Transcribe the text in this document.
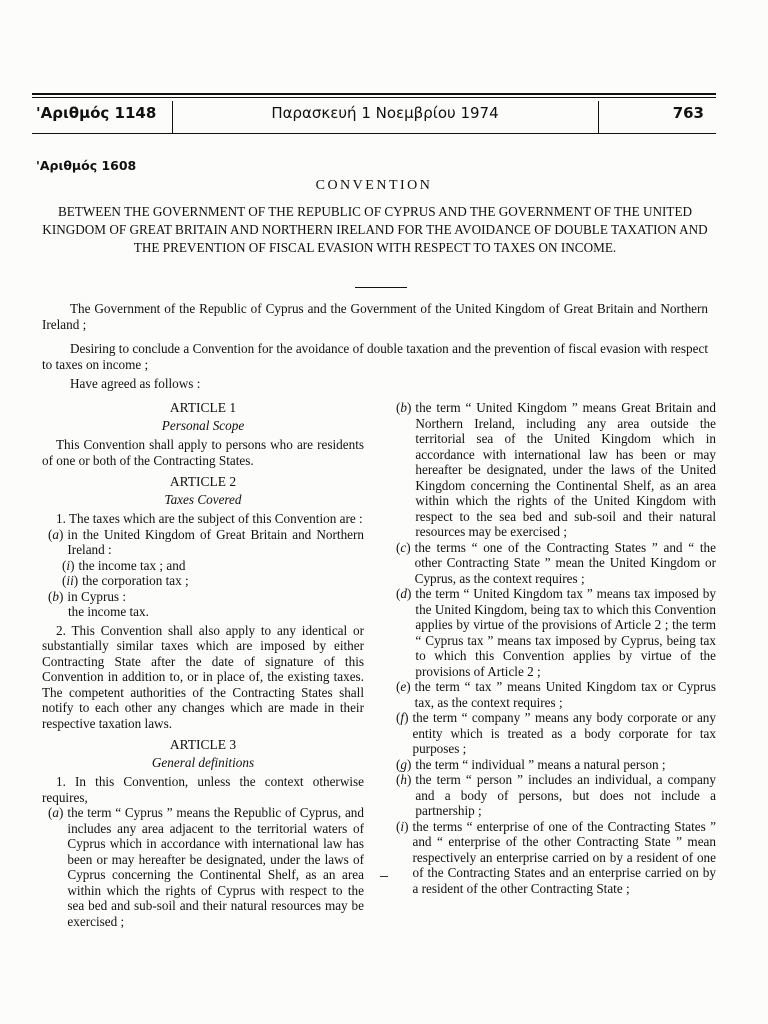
'Αριθμός 1148	Παρασκευή 1 Νοεμβρίου 1974	763
'Αριθμός 1608
CONVENTION
BETWEEN THE GOVERNMENT OF THE REPUBLIC OF CYPRUS AND THE GOVERNMENT OF THE UNITED KINGDOM OF GREAT BRITAIN AND NORTHERN IRELAND FOR THE AVOIDANCE OF DOUBLE TAXATION AND THE PREVENTION OF FISCAL EVASION WITH RESPECT TO TAXES ON INCOME.

The Government of the Republic of Cyprus and the Government of the United Kingdom of Great Britain and Northern Ireland ;

Desiring to conclude a Convention for the avoidance of double taxation and the prevention of fiscal evasion with respect to taxes on income ;

Have agreed as follows :

ARTICLE 1
Personal Scope

This Convention shall apply to persons who are residents of one or both of the Contracting States.

ARTICLE 2
Taxes Covered

1. The taxes which are the subject of this Convention are :

(a) in the United Kingdom of Great Britain and Northern Ireland :
(i) the income tax ; and
(ii) the corporation tax ;
(b) in Cyprus :

the income tax.

2. This Convention shall also apply to any identical or substantially similar taxes which are imposed by either Contracting State after the date of signature of this Convention in addition to, or in place of, the existing taxes. The competent authorities of the Contracting States shall notify to each other any changes which are made in their respective taxation laws.

ARTICLE 3
General definitions

1. In this Convention, unless the context otherwise requires,

(a) the term “ Cyprus ” means the Republic of Cyprus, and includes any area adjacent to the territorial waters of Cyprus which in accordance with international law has been or may hereafter be designated, under the laws of Cyprus concerning the Continental Shelf, as an area within which the rights of Cyprus with respect to the sea bed and sub-soil and their natural resources may be exercised ;
(b) the term “ United Kingdom ” means Great Britain and Northern Ireland, including any area outside the territorial sea of the United Kingdom which in accordance with international law has been or may hereafter be designated, under the laws of the United Kingdom concerning the Continental Shelf, as an area within which the rights of the United Kingdom with respect to the sea bed and sub-soil and their natural resources may be exercised ;
(c) the terms “ one of the Contracting States ” and “ the other Contracting State ” mean the United Kingdom or Cyprus, as the context requires ;
(d) the term “ United Kingdom tax ” means tax imposed by the United Kingdom, being tax to which this Convention applies by virtue of the provisions of Article 2 ; the term “ Cyprus tax ” means tax imposed by Cyprus, being tax to which this Convention applies by virtue of the provisions of Article 2 ;
(e) the term “ tax ” means United Kingdom tax or Cyprus tax, as the context requires ;
(f) the term “ company ” means any body corporate or any entity which is treated as a body corporate for tax purposes ;
(g) the term “ individual ” means a natural person ;
(h) the term “ person ” includes an individual, a company and a body of persons, but does not include a partnership ;
(i) the terms “ enterprise of one of the Contracting States ” and “ enterprise of the other Contracting State ” mean respectively an enterprise carried on by a resident of one of the Contracting States and an enterprise carried on by a resident of the other Contracting State ;
